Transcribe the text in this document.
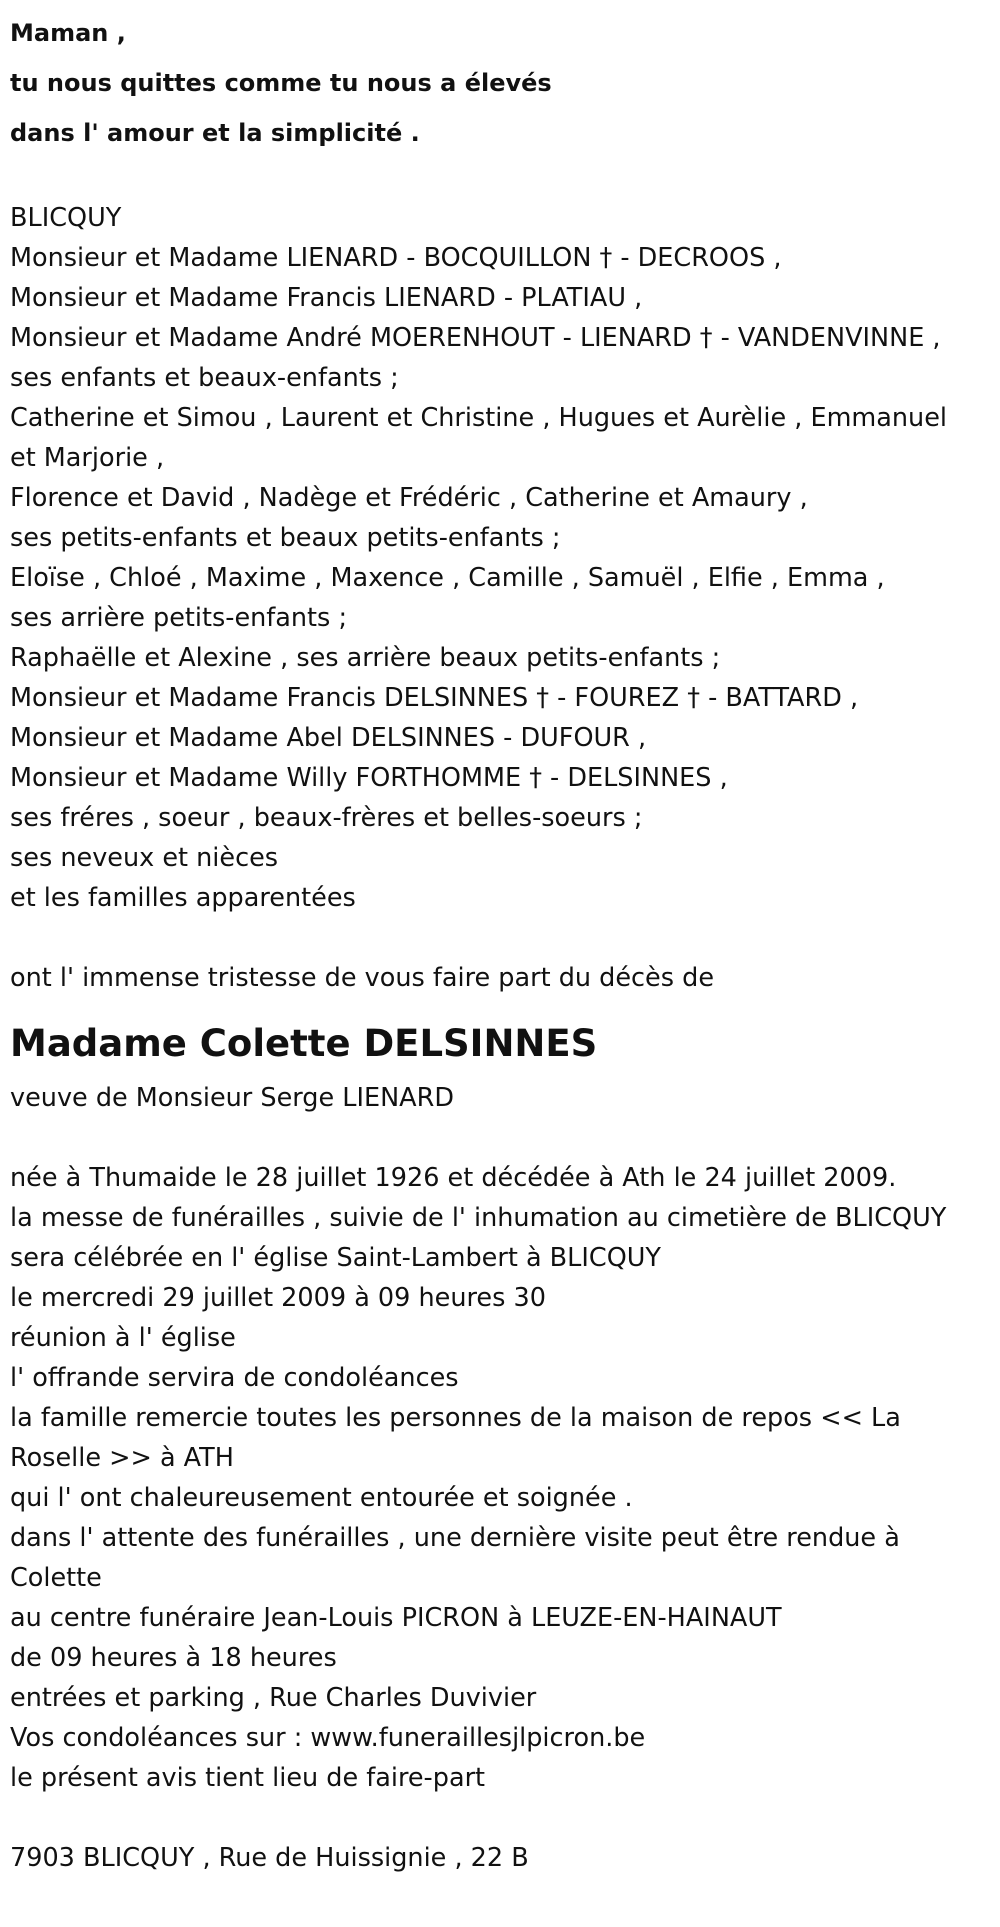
Maman ,
tu nous quittes comme tu nous a élevés
dans l' amour et la simplicité .
BLICQUY
Monsieur et Madame LIENARD - BOCQUILLON † - DECROOS ,
Monsieur et Madame Francis LIENARD - PLATIAU ,
Monsieur et Madame André MOERENHOUT - LIENARD † - VANDENVINNE ,
ses enfants et beaux-enfants ;
Catherine et Simou , Laurent et Christine , Hugues et Aurèlie , Emmanuel
et Marjorie ,
Florence et David , Nadège et Frédéric , Catherine et Amaury ,
ses petits-enfants et beaux petits-enfants ;
Eloïse , Chloé , Maxime , Maxence , Camille , Samuël , Elfie , Emma ,
ses arrière petits-enfants ;
Raphaëlle et Alexine , ses arrière beaux petits-enfants ;
Monsieur et Madame Francis DELSINNES † - FOUREZ † - BATTARD ,
Monsieur et Madame Abel DELSINNES - DUFOUR ,
Monsieur et Madame Willy FORTHOMME † - DELSINNES ,
ses fréres , soeur , beaux-frères et belles-soeurs ;
ses neveux et nièces
et les familles apparentées
ont l' immense tristesse de vous faire part du décès de
Madame Colette DELSINNES
veuve de Monsieur Serge LIENARD
née à Thumaide le 28 juillet 1926 et décédée à Ath le 24 juillet 2009.
la messe de funérailles , suivie de l' inhumation au cimetière de BLICQUY
sera célébrée en l' église Saint-Lambert à BLICQUY
le mercredi 29 juillet 2009 à 09 heures 30
réunion à l' église
l' offrande servira de condoléances
la famille remercie toutes les personnes de la maison de repos << La
Roselle >> à ATH
qui l' ont chaleureusement entourée et soignée .
dans l' attente des funérailles , une dernière visite peut être rendue à
Colette
au centre funéraire Jean-Louis PICRON à LEUZE-EN-HAINAUT
de 09 heures à 18 heures
entrées et parking , Rue Charles Duvivier
Vos condoléances sur : www.funeraillesjlpicron.be
le présent avis tient lieu de faire-part
7903 BLICQUY , Rue de Huissignie , 22 B
